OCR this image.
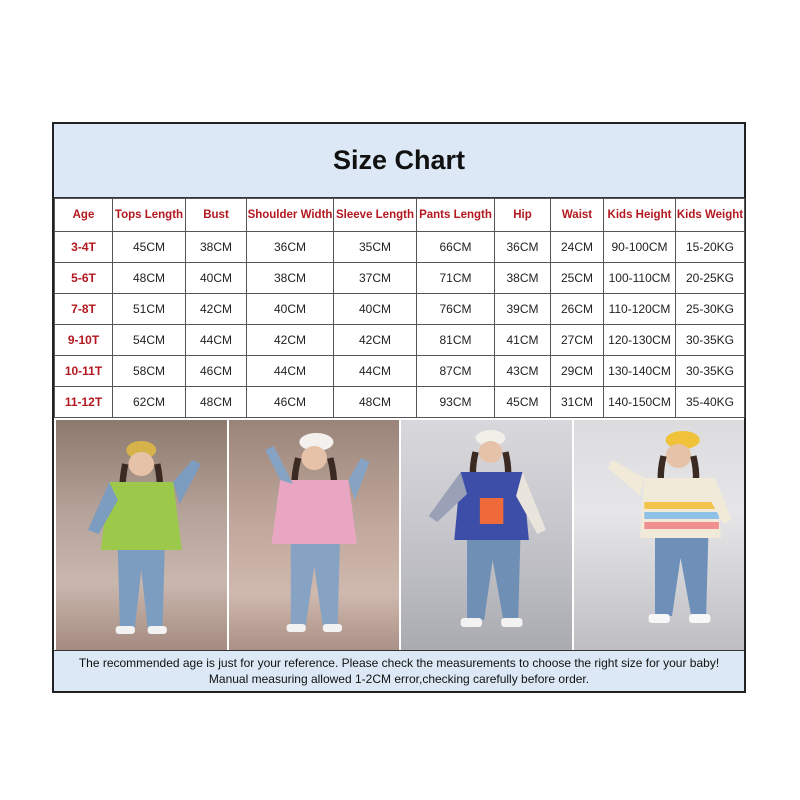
Size Chart
Age	Tops Length	Bust	Shoulder Width	Sleeve Length	Pants Length	Hip	Waist	Kids Height	Kids Weight
3-4T	45CM	38CM	36CM	35CM	66CM	36CM	24CM	90-100CM	15-20KG
5-6T	48CM	40CM	38CM	37CM	71CM	38CM	25CM	100-110CM	20-25KG
7-8T	51CM	42CM	40CM	40CM	76CM	39CM	26CM	110-120CM	25-30KG
9-10T	54CM	44CM	42CM	42CM	81CM	41CM	27CM	120-130CM	30-35KG
10-11T	58CM	46CM	44CM	44CM	87CM	43CM	29CM	130-140CM	30-35KG
11-12T	62CM	48CM	46CM	48CM	93CM	45CM	31CM	140-150CM	35-40KG
The recommended age is just for your reference. Please check the measurements to choose the right size for your baby!
Manual measuring allowed 1-2CM error,checking carefully before order.
